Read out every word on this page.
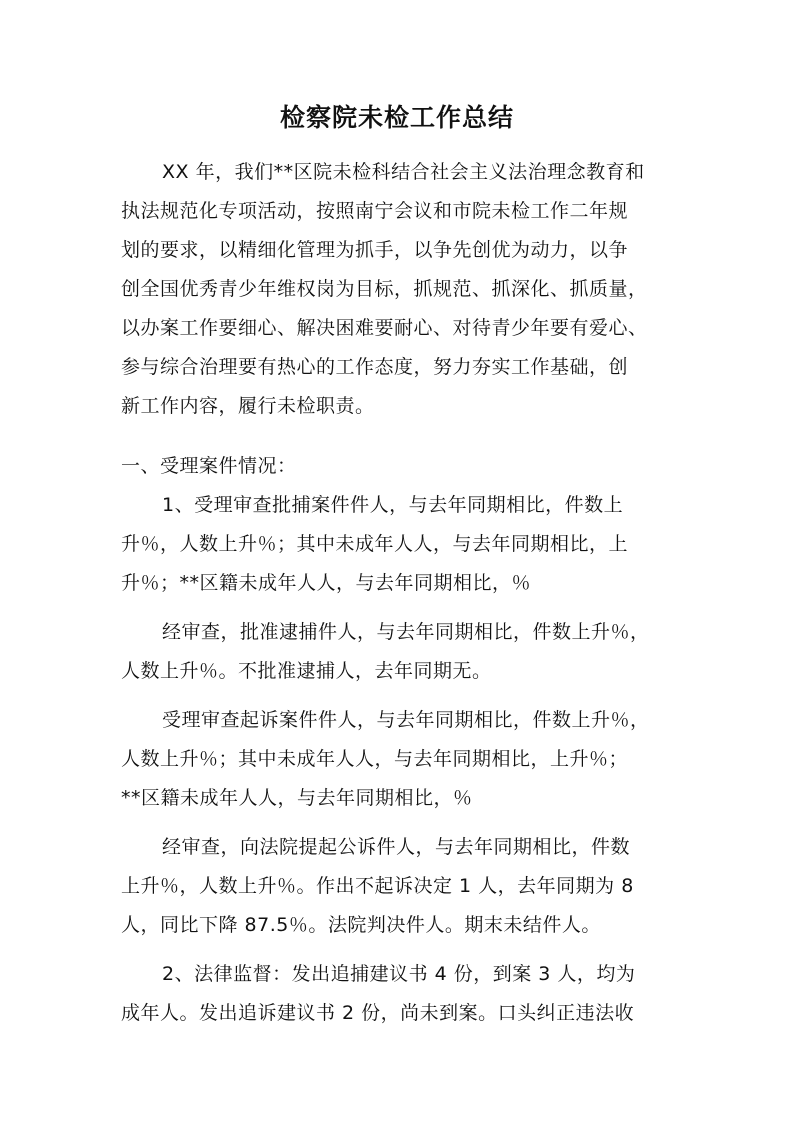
检察院未检工作总结
XX 年，我们**区院未检科结合社会主义法治理念教育和
执法规范化专项活动，按照南宁会议和市院未检工作二年规
划的要求，以精细化管理为抓手，以争先创优为动力，以争
创全国优秀青少年维权岗为目标，抓规范、抓深化、抓质量，
以办案工作要细心、解决困难要耐心、对待青少年要有爱心、
参与综合治理要有热心的工作态度，努力夯实工作基础，创
新工作内容，履行未检职责。
一、受理案件情况：
1、受理审查批捕案件件人，与去年同期相比，件数上
升％，人数上升％；其中未成年人人，与去年同期相比，上
升％；**区籍未成年人人，与去年同期相比，％
经审查，批准逮捕件人，与去年同期相比，件数上升％，
人数上升％。不批准逮捕人，去年同期无。
受理审查起诉案件件人，与去年同期相比，件数上升％，
人数上升％；其中未成年人人，与去年同期相比，上升％；
**区籍未成年人人，与去年同期相比，％
经审查，向法院提起公诉件人，与去年同期相比，件数
上升％，人数上升％。作出不起诉决定 1 人，去年同期为 8
人，同比下降 87.5％。法院判决件人。期末未结件人。
2、法律监督：发出追捕建议书 4 份，到案 3 人，均为
成年人。发出追诉建议书 2 份，尚未到案。口头纠正违法收
